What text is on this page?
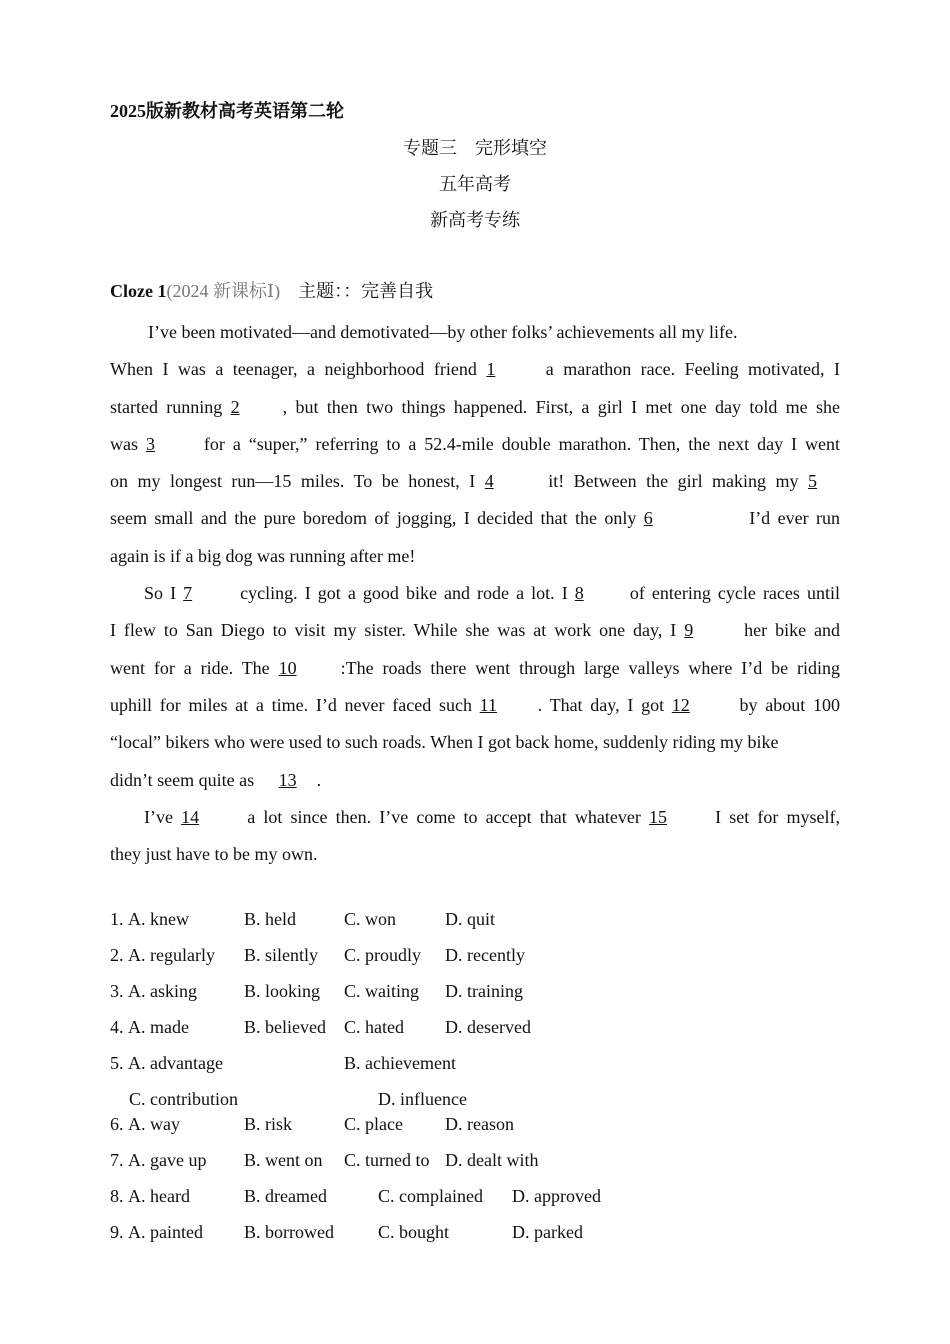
2025版新教材高考英语第二轮
专题三　完形填空
五年高考
新高考专练
Cloze 1(2024 新课标Ⅰ)　主题：：完善自我
I’ve been motivated—and demotivated—by other folks’ achievements all my life.
When I was a teenager, a neighborhood friend 1 a marathon race. Feeling motivated, I
started running 2 , but then two things happened. First, a girl I met one day told me she
was 3 for a “super,” referring to a 52.4-mile double marathon. Then, the next day I went
on my longest run—15 miles. To be honest, I 4	it! Between the girl making my 5
seem small and the pure boredom of jogging, I decided that the only 6	I’d ever run
again is if a big dog was running after me!
So I 7 cycling. I got a good bike and rode a lot. I 8 of entering cycle races until
I flew to San Diego to visit my sister. While she was at work one day, I 9 her bike and
went for a ride. The 10 :The roads there went through large valleys where I’d be riding
uphill for miles at a time. I’d never faced such 11 . That day, I got 12 by about 100
“local” bikers who were used to such roads. When I got back home, suddenly riding my bike
didn’t seem quite as 13 .
I’ve 14 a lot since then. I’ve come to accept that whatever 15 I set for myself,
they just have to be my own.
1. A. knew	B. held	C. won	D. quit
2. A. regularly B. silently C. proudly D. recently
3. A. asking	B. looking C. waiting D. training
4. A. made	B. believed C. hated D. deserved
5. A. advantage	B. achievement
C. contribution	D. influence
6. A. way	B. risk	C. place D. reason
7. A. gave up B. went on C. turned to D. dealt with
8. A. heard	B. dreamed	C. complained D. approved
9. A. painted B. borrowed C. bought	D. parked
